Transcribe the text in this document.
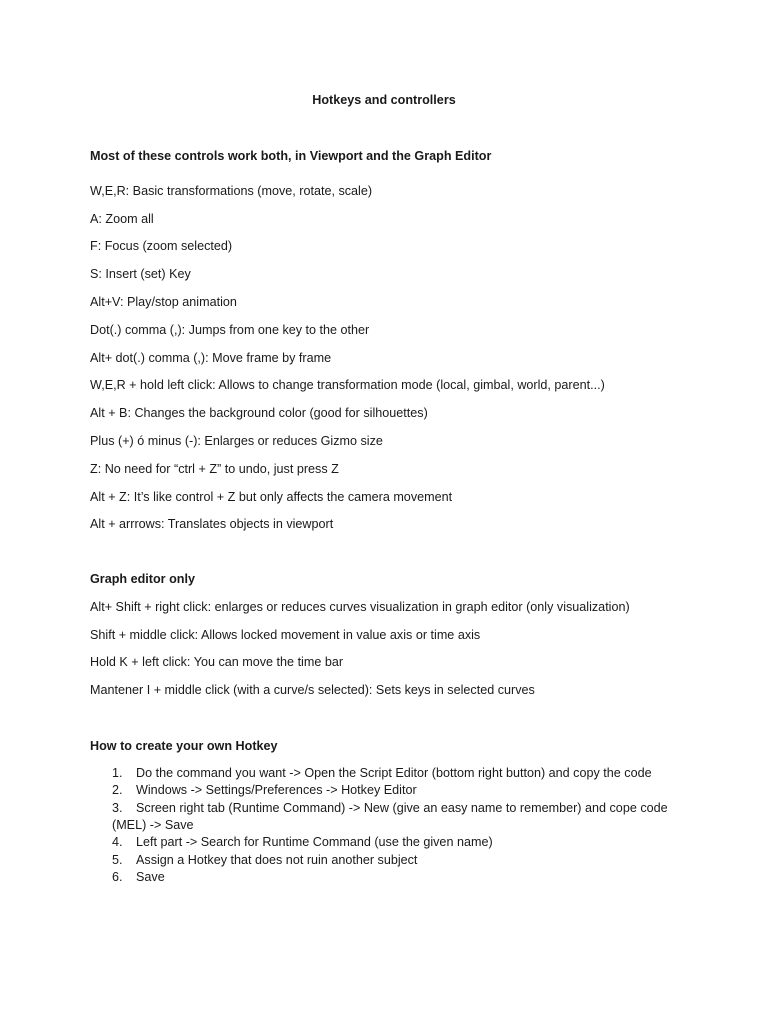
Hotkeys and controllers
Most of these controls work both, in Viewport and the Graph Editor
W,E,R: Basic transformations (move, rotate, scale)
A: Zoom all
F: Focus (zoom selected)
S: Insert (set) Key
Alt+V: Play/stop animation
Dot(.) comma (,): Jumps from one key to the other
Alt+ dot(.) comma (,): Move frame by frame
W,E,R + hold left click: Allows to change transformation mode (local, gimbal, world, parent...)
Alt + B: Changes the background color (good for silhouettes)
Plus (+) ó minus (-): Enlarges or reduces Gizmo size
Z: No need for “ctrl + Z” to undo, just press Z
Alt + Z: It’s like control + Z but only affects the camera movement
Alt + arrrows: Translates objects in viewport
Graph editor only
Alt+ Shift + right click: enlarges or reduces curves visualization in graph editor (only visualization)
Shift + middle click: Allows locked movement in value axis or time axis
Hold K + left click: You can move the time bar
Mantener I + middle click (with a curve/s selected): Sets keys in selected curves
How to create your own Hotkey
1. Do the command you want -> Open the Script Editor (bottom right button) and copy the code
2. Windows -> Settings/Preferences -> Hotkey Editor
3. Screen right tab (Runtime Command) -> New (give an easy name to remember) and cope code
(MEL) -> Save
4. Left part -> Search for Runtime Command (use the given name)
5. Assign a Hotkey that does not ruin another subject
6. Save
